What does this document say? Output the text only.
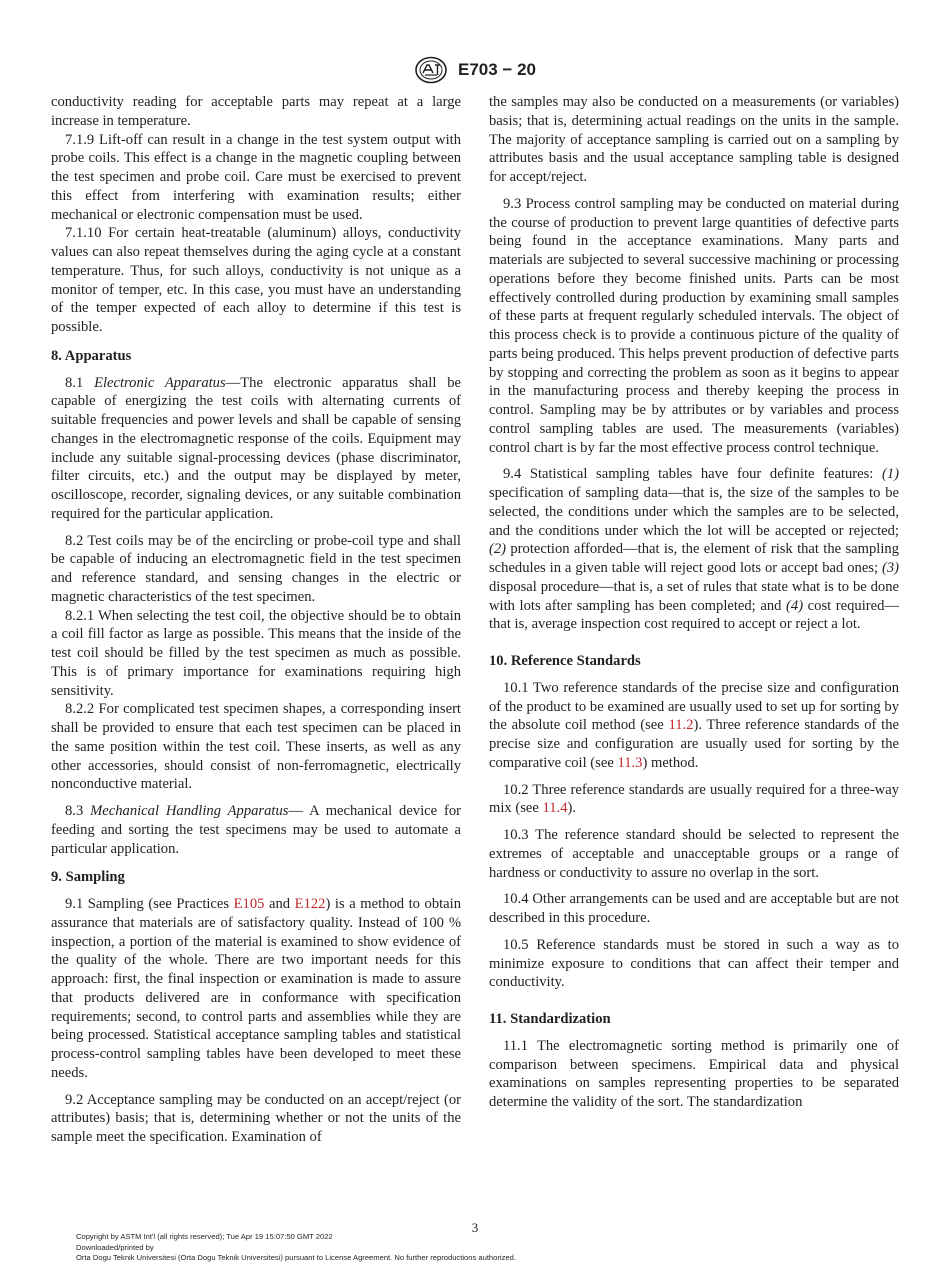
E703 − 20

conductivity reading for acceptable parts may repeat at a large increase in temperature.

7.1.9 Lift-off can result in a change in the test system output with probe coils. This effect is a change in the magnetic coupling between the test specimen and probe coil. Care must be exercised to prevent this effect from interfering with examination results; either mechanical or electronic compensation must be used.

7.1.10 For certain heat-treatable (aluminum) alloys, conductivity values can also repeat themselves during the aging cycle at a constant temperature. Thus, for such alloys, conductivity is not unique as a monitor of temper, etc. In this case, you must have an understanding of the temper expected of each alloy to determine if this test is possible.

8. Apparatus

8.1 Electronic Apparatus—The electronic apparatus shall be capable of energizing the test coils with alternating currents of suitable frequencies and power levels and shall be capable of sensing changes in the electromagnetic response of the coils. Equipment may include any suitable signal-processing devices (phase discriminator, filter circuits, etc.) and the output may be displayed by meter, oscilloscope, recorder, signaling devices, or any suitable combination required for the particular application.

8.2 Test coils may be of the encircling or probe-coil type and shall be capable of inducing an electromagnetic field in the test specimen and reference standard, and sensing changes in the electric or magnetic characteristics of the test specimen.

8.2.1 When selecting the test coil, the objective should be to obtain a coil fill factor as large as possible. This means that the inside of the test coil should be filled by the test specimen as much as possible. This is of primary importance for examinations requiring high sensitivity.

8.2.2 For complicated test specimen shapes, a corresponding insert shall be provided to ensure that each test specimen can be placed in the same position within the test coil. These inserts, as well as any other accessories, should consist of non-ferromagnetic, electrically nonconductive material.

8.3 Mechanical Handling Apparatus— A mechanical device for feeding and sorting the test specimens may be used to automate a particular application.

9. Sampling

9.1 Sampling (see Practices E105 and E122) is a method to obtain assurance that materials are of satisfactory quality. Instead of 100 % inspection, a portion of the material is examined to show evidence of the quality of the whole. There are two important needs for this approach: first, the final inspection or examination is made to assure that products delivered are in conformance with specification requirements; second, to control parts and assemblies while they are being processed. Statistical acceptance sampling tables and statistical process-control sampling tables have been developed to meet these needs.

9.2 Acceptance sampling may be conducted on an accept/reject (or attributes) basis; that is, determining whether or not the units of the sample meet the specification. Examination of

the samples may also be conducted on a measurements (or variables) basis; that is, determining actual readings on the units in the sample. The majority of acceptance sampling is carried out on a sampling by attributes basis and the usual acceptance sampling table is designed for accept/reject.

9.3 Process control sampling may be conducted on material during the course of production to prevent large quantities of defective parts being found in the acceptance examinations. Many parts and materials are subjected to several successive machining or processing operations before they become finished units. Parts can be most effectively controlled during production by examining small samples of these parts at frequent regularly scheduled intervals. The object of this process check is to provide a continuous picture of the quality of parts being produced. This helps prevent production of defective parts by stopping and correcting the problem as soon as it begins to appear in the manufacturing process and thereby keeping the process in control. Sampling may be by attributes or by variables and process control sampling tables are used. The measurements (variables) control chart is by far the most effective process control technique.

9.4 Statistical sampling tables have four definite features: (1) specification of sampling data—that is, the size of the samples to be selected, the conditions under which the samples are to be selected, and the conditions under which the lot will be accepted or rejected; (2) protection afforded—that is, the element of risk that the sampling schedules in a given table will reject good lots or accept bad ones; (3) disposal procedure—that is, a set of rules that state what is to be done with lots after sampling has been completed; and (4) cost required—that is, average inspection cost required to accept or reject a lot.

10. Reference Standards

10.1 Two reference standards of the precise size and configuration of the product to be examined are usually used to set up for sorting by the absolute coil method (see 11.2). Three reference standards of the precise size and configuration are usually used for sorting by the comparative coil (see 11.3) method.

10.2 Three reference standards are usually required for a three-way mix (see 11.4).

10.3 The reference standard should be selected to represent the extremes of acceptable and unacceptable groups or a range of hardness or conductivity to assure no overlap in the sort.

10.4 Other arrangements can be used and are acceptable but are not described in this procedure.

10.5 Reference standards must be stored in such a way as to minimize exposure to conditions that can affect their temper and conductivity.

11. Standardization

11.1 The electromagnetic sorting method is primarily one of comparison between specimens. Empirical data and physical examinations on samples representing properties to be separated determine the validity of the sort. The standardization

3
Copyright by ASTM Int'l (all rights reserved); Tue Apr 19 15:07:50 GMT 2022
Downloaded/printed by
Orta Dogu Teknik Universitesi (Orta Dogu Teknik Universitesi) pursuant to License Agreement. No further reproductions authorized.
